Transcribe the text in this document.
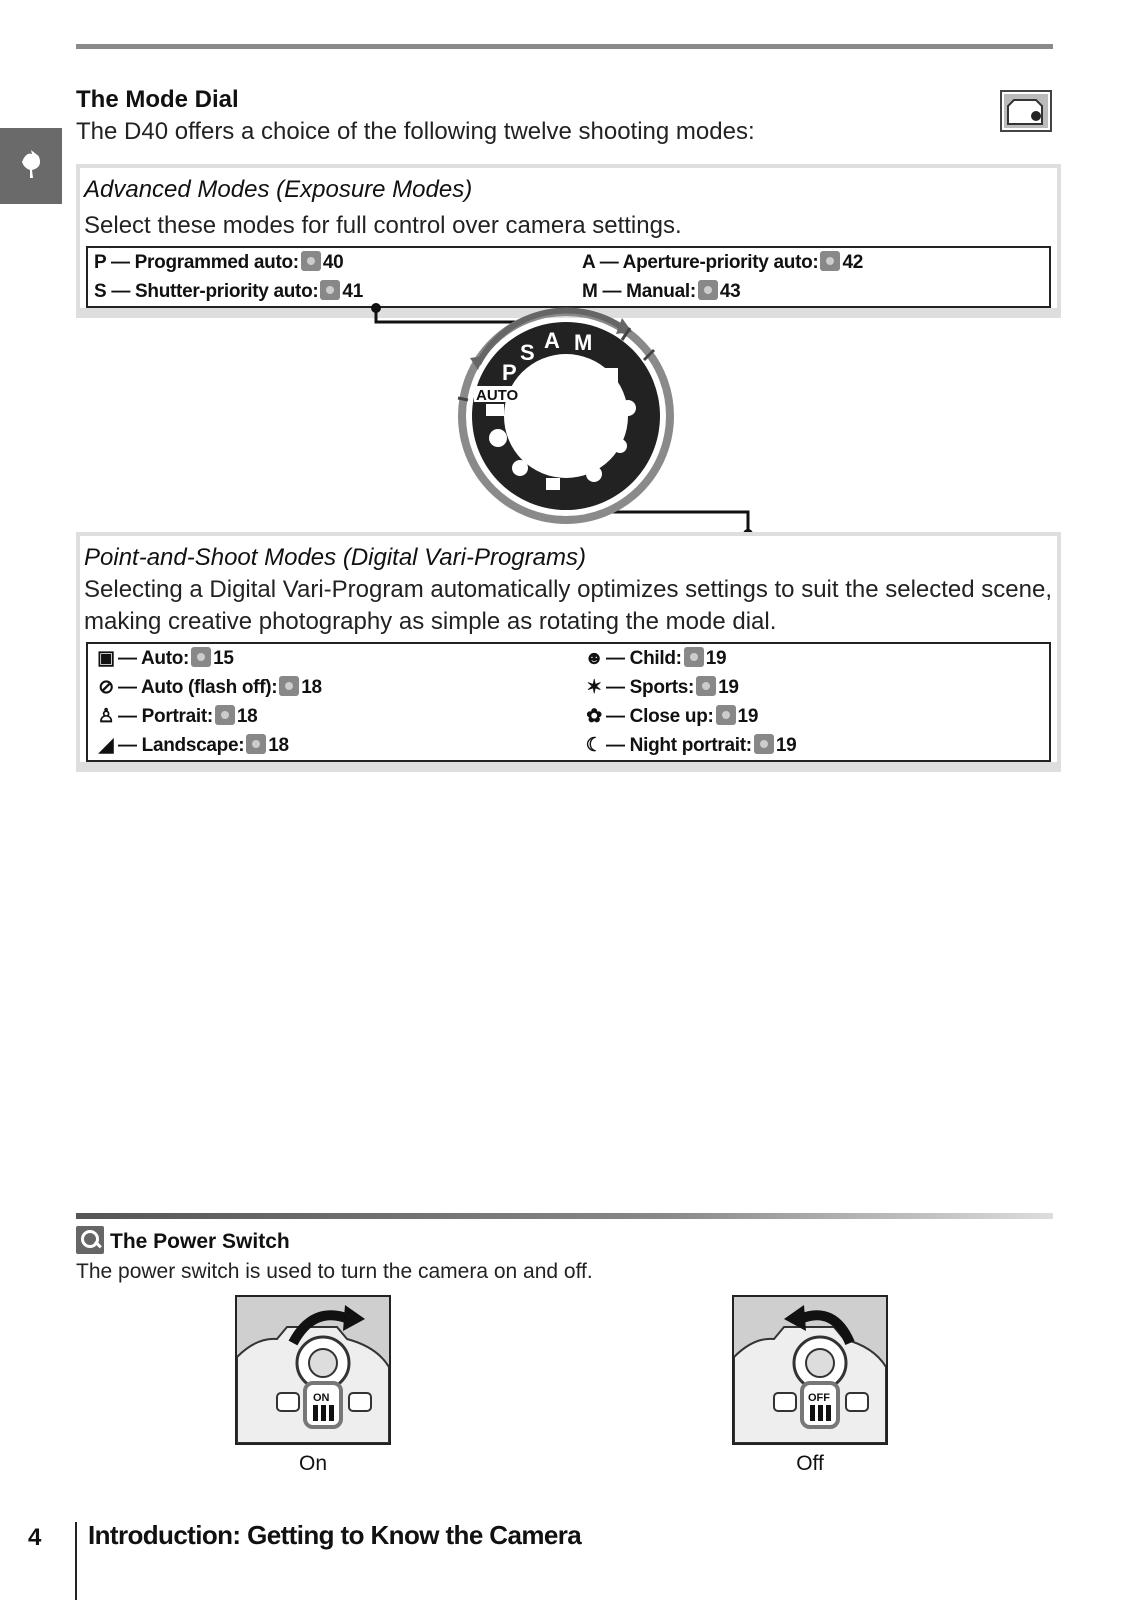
The Mode Dial
The D40 offers a choice of the following twelve shooting modes:
Advanced Modes (Exposure Modes)
Select these modes for full control over camera settings.
P — Programmed auto: 40	A — Aperture-priority auto: 42
S — Shutter-priority auto: 41	M — Manual: 43
P
S A M
AUTO
Point-and-Shoot Modes (Digital Vari-Programs)
Selecting a Digital Vari-Program automatically optimizes settings to suit the selected scene,
making creative photography as simple as rotating the mode dial.
▣ — Auto: 15	☻ — Child: 19
⊘ — Auto (flash off): 18	✶ — Sports: 19
♙ — Portrait: 18	✿ — Close up: 19
◢ — Landscape: 18	☾ — Night portrait: 19
The Power Switch
The power switch is used to turn the camera on and off.
ON
On
OFF
Off
4 Introduction: Getting to Know the Camera
